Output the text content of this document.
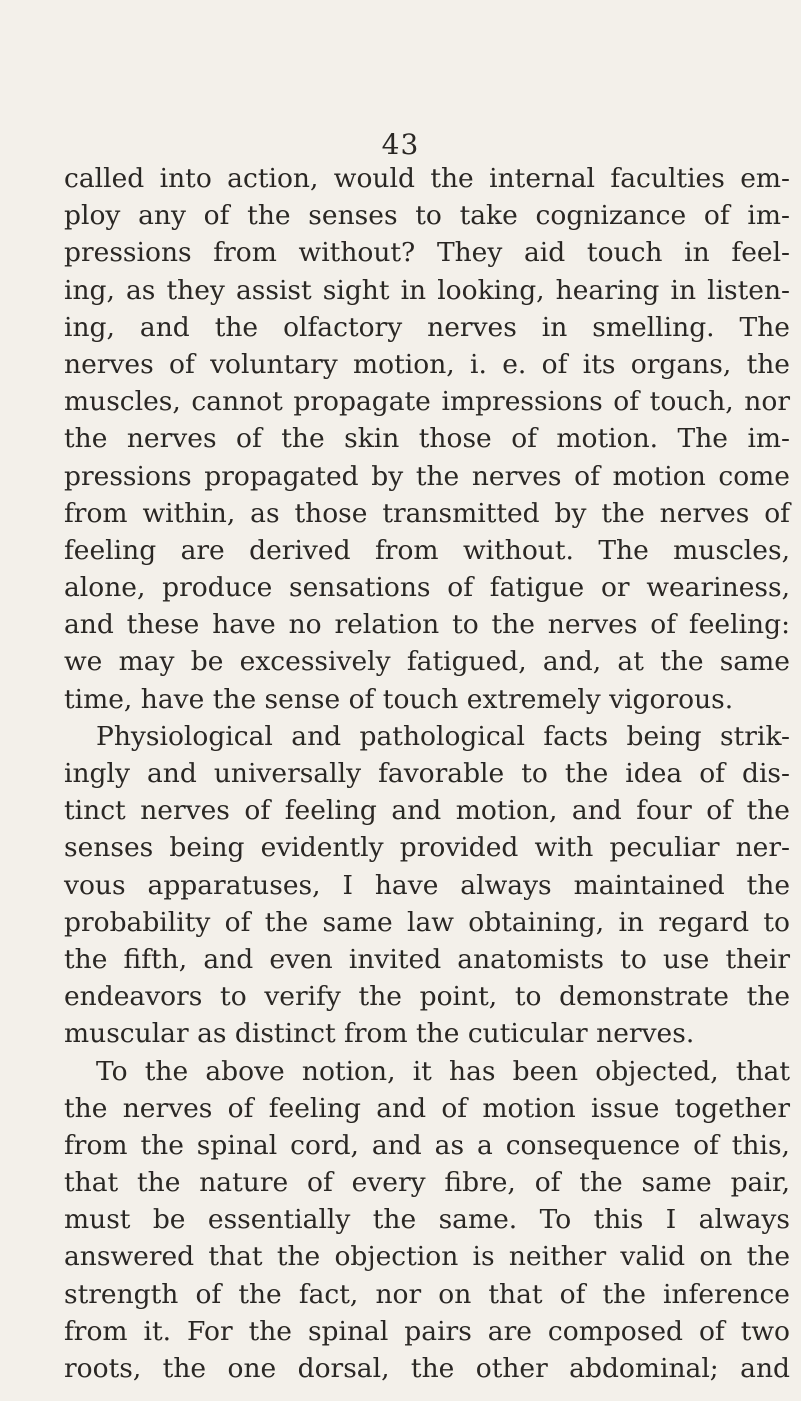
43
called into action, would the internal faculties em-
ploy any of the senses to take cognizance of im-
pressions from without? They aid touch in feel-
ing, as they assist sight in looking, hearing in listen-
ing, and the olfactory nerves in smelling. The
nerves of voluntary motion, i. e. of its organs, the
muscles, cannot propagate impressions of touch, nor
the nerves of the skin those of motion. The im-
pressions propagated by the nerves of motion come
from within, as those transmitted by the nerves of
feeling are derived from without. The muscles,
alone, produce sensations of fatigue or weariness,
and these have no relation to the nerves of feeling:
we may be excessively fatigued, and, at the same
time, have the sense of touch extremely vigorous.
Physiological and pathological facts being strik-
ingly and universally favorable to the idea of dis-
tinct nerves of feeling and motion, and four of the
senses being evidently provided with peculiar ner-
vous apparatuses, I have always maintained the
probability of the same law obtaining, in regard to
the fifth, and even invited anatomists to use their
endeavors to verify the point, to demonstrate the
muscular as distinct from the cuticular nerves.
To the above notion, it has been objected, that
the nerves of feeling and of motion issue together
from the spinal cord, and as a consequence of this,
that the nature of every fibre, of the same pair,
must be essentially the same. To this I always
answered that the objection is neither valid on the
strength of the fact, nor on that of the inference
from it. For the spinal pairs are composed of two
roots, the one dorsal, the other abdominal; and
